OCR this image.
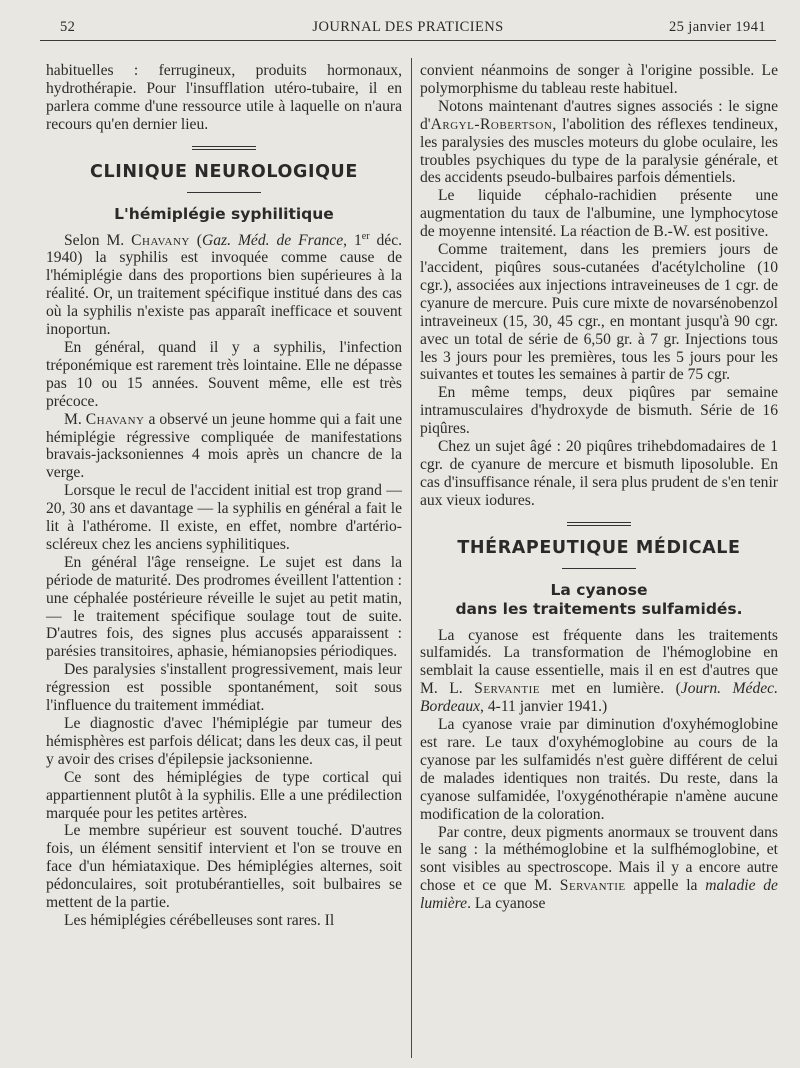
52	JOURNAL DES PRATICIENS	25 janvier 1941

habituelles : ferrugineux, produits hormonaux, hydrothérapie. Pour l'insufflation utéro-tubaire, il en parlera comme d'une ressource utile à laquelle on n'aura recours qu'en dernier lieu.

CLINIQUE NEUROLOGIQUE
L'hémiplégie syphilitique

Selon M. Chavany (Gaz. Méd. de France, 1er déc. 1940) la syphilis est invoquée comme cause de l'hémiplégie dans des proportions bien supérieures à la réalité. Or, un traitement spécifique institué dans des cas où la syphilis n'existe pas apparaît inefficace et souvent inoportun.

En général, quand il y a syphilis, l'infection tréponémique est rarement très lointaine. Elle ne dépasse pas 10 ou 15 années. Souvent même, elle est très précoce.

M. Chavany a observé un jeune homme qui a fait une hémiplégie régressive compliquée de manifestations bravais-jacksoniennes 4 mois après un chancre de la verge.

Lorsque le recul de l'accident initial est trop grand — 20, 30 ans et davantage — la syphilis en général a fait le lit à l'athérome. Il existe, en effet, nombre d'artério-scléreux chez les anciens syphilitiques.

En général l'âge renseigne. Le sujet est dans la période de maturité. Des prodromes éveillent l'attention : une céphalée postérieure réveille le sujet au petit matin, — le traitement spécifique soulage tout de suite. D'autres fois, des signes plus accusés apparaissent : parésies transitoires, aphasie, hémianopsies périodiques.

Des paralysies s'installent progressivement, mais leur régression est possible spontanément, soit sous l'influence du traitement immédiat.

Le diagnostic d'avec l'hémiplégie par tumeur des hémisphères est parfois délicat; dans les deux cas, il peut y avoir des crises d'épilepsie jacksonienne.

Ce sont des hémiplégies de type cortical qui appartiennent plutôt à la syphilis. Elle a une prédilection marquée pour les petites artères.

Le membre supérieur est souvent touché. D'autres fois, un élément sensitif intervient et l'on se trouve en face d'un hémiataxique. Des hémiplégies alternes, soit pédonculaires, soit protubérantielles, soit bulbaires se mettent de la partie.

Les hémiplégies cérébelleuses sont rares. Il

convient néanmoins de songer à l'origine possible. Le polymorphisme du tableau reste habituel.

Notons maintenant d'autres signes associés : le signe d'Argyl-Robertson, l'abolition des réflexes tendineux, les paralysies des muscles moteurs du globe oculaire, les troubles psychiques du type de la paralysie générale, et des accidents pseudo-bulbaires parfois démentiels.

Le liquide céphalo-rachidien présente une augmentation du taux de l'albumine, une lymphocytose de moyenne intensité. La réaction de B.-W. est positive.

Comme traitement, dans les premiers jours de l'accident, piqûres sous-cutanées d'acétylcholine (10 cgr.), associées aux injections intraveineuses de 1 cgr. de cyanure de mercure. Puis cure mixte de novarsénobenzol intraveineux (15, 30, 45 cgr., en montant jusqu'à 90 cgr. avec un total de série de 6,50 gr. à 7 gr. Injections tous les 3 jours pour les premières, tous les 5 jours pour les suivantes et toutes les semaines à partir de 75 cgr.

En même temps, deux piqûres par semaine intramusculaires d'hydroxyde de bismuth. Série de 16 piqûres.

Chez un sujet âgé : 20 piqûres trihebdomadaires de 1 cgr. de cyanure de mercure et bismuth liposoluble. En cas d'insuffisance rénale, il sera plus prudent de s'en tenir aux vieux iodures.

THÉRAPEUTIQUE MÉDICALE
La cyanose
dans les traitements sulfamidés.

La cyanose est fréquente dans les traitements sulfamidés. La transformation de l'hémoglobine en semblait la cause essentielle, mais il en est d'autres que M. L. Servantie met en lumière. (Journ. Médec. Bordeaux, 4-11 janvier 1941.)

La cyanose vraie par diminution d'oxyhémoglobine est rare. Le taux d'oxyhémoglobine au cours de la cyanose par les sulfamidés n'est guère différent de celui de malades identiques non traités. Du reste, dans la cyanose sulfamidée, l'oxygénothérapie n'amène aucune modification de la coloration.

Par contre, deux pigments anormaux se trouvent dans le sang : la méthémoglobine et la sulfhémoglobine, et sont visibles au spectroscope. Mais il y a encore autre chose et ce que M. Servantie appelle la maladie de lumière. La cyanose
